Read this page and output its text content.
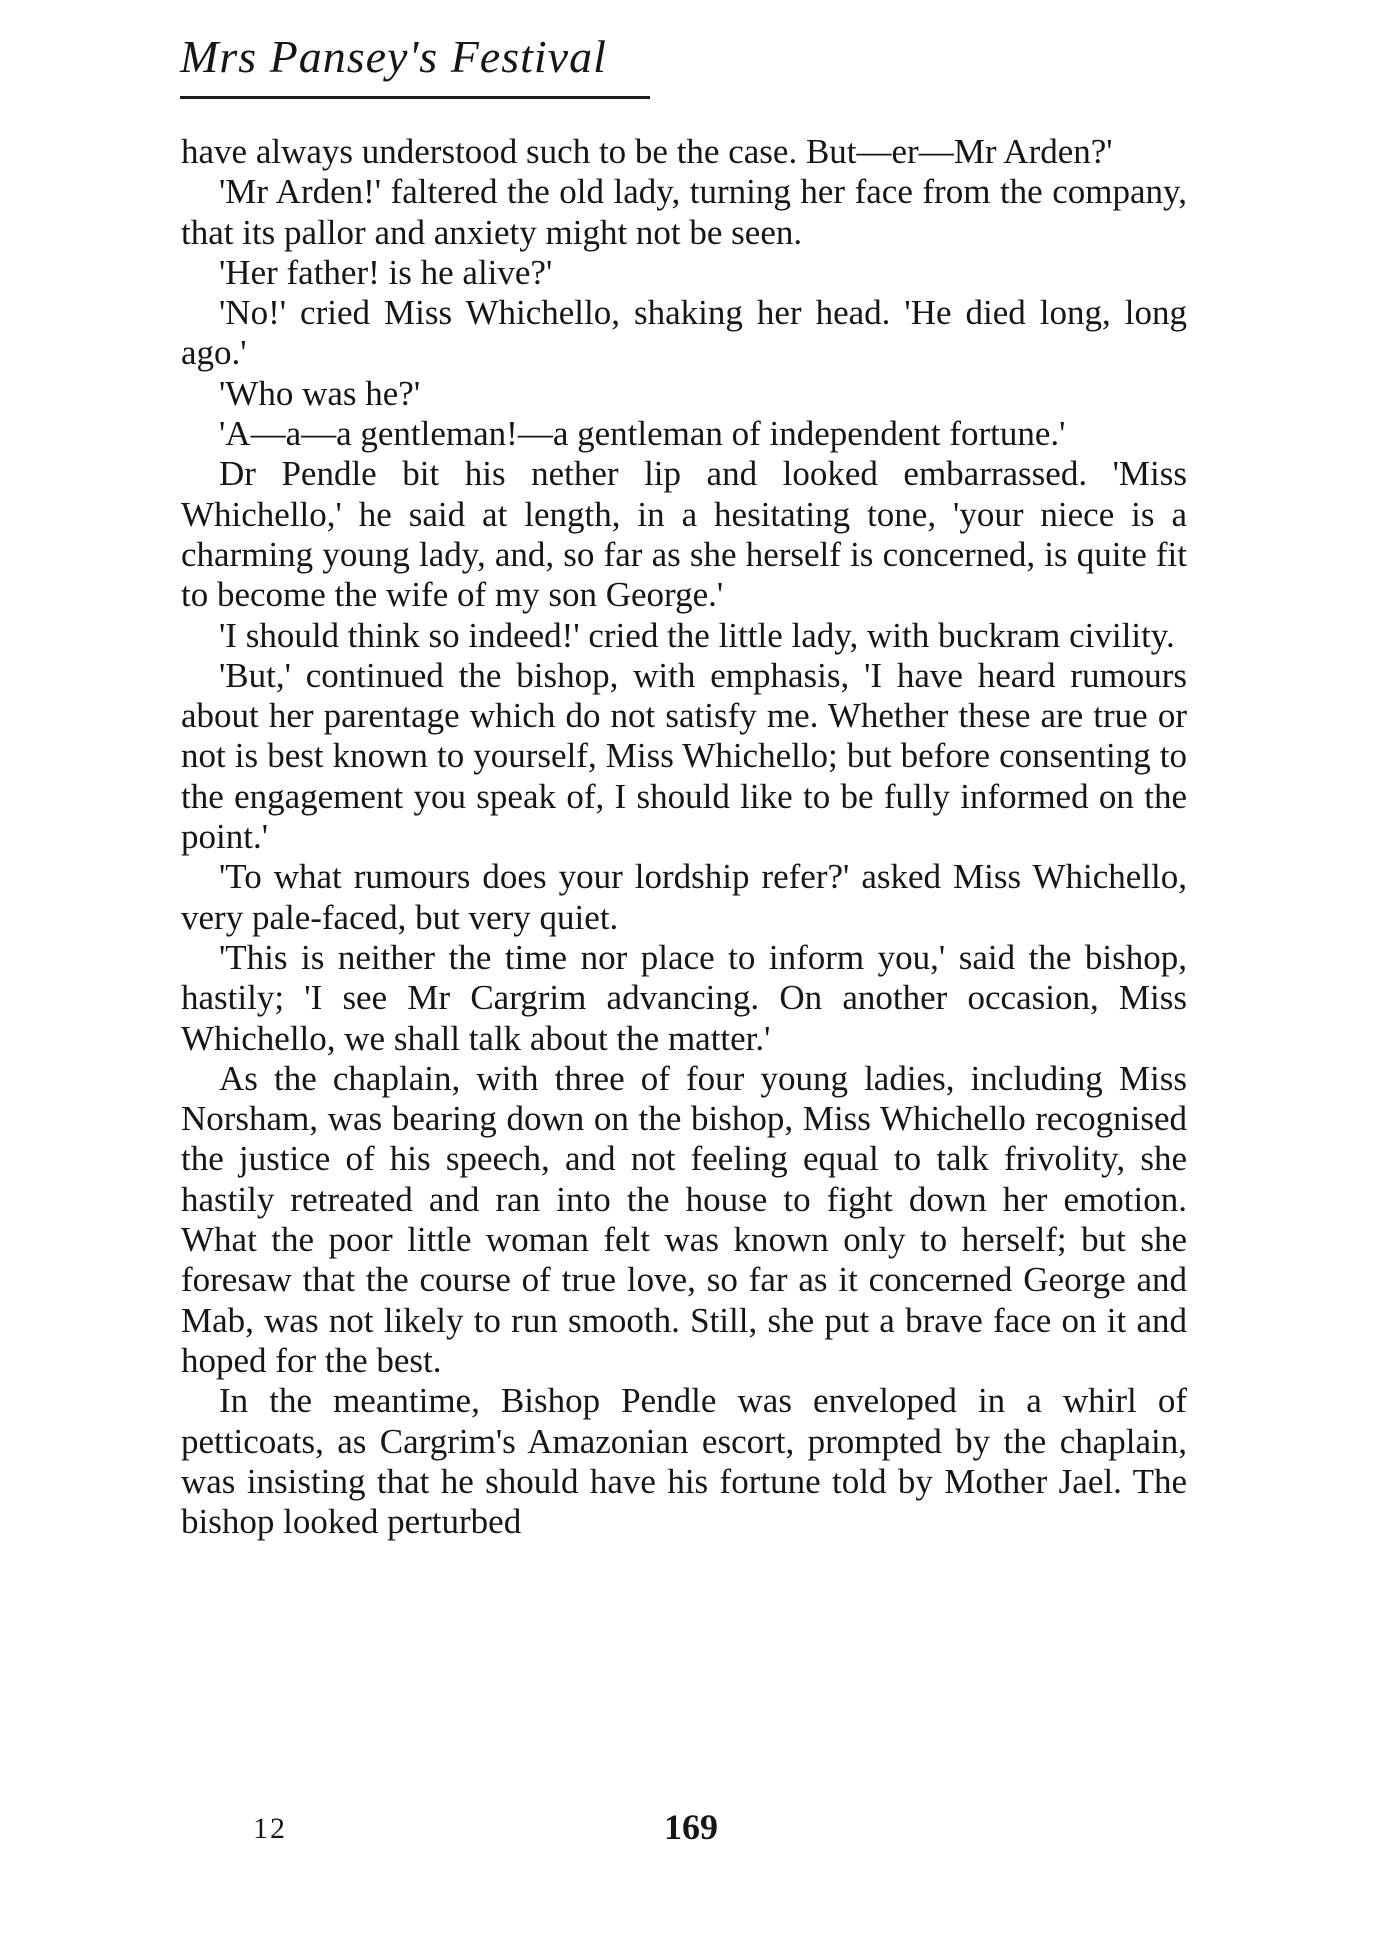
Mrs Pansey's Festival

have always understood such to be the case. But—er—Mr Arden?'

'Mr Arden!' faltered the old lady, turning her face from the company, that its pallor and anxiety might not be seen.

'Her father! is he alive?'

'No!' cried Miss Whichello, shaking her head. 'He died long, long ago.'

'Who was he?'

'A—a—a gentleman!—a gentleman of independent fortune.'

Dr Pendle bit his nether lip and looked embarrassed. 'Miss Whichello,' he said at length, in a hesitating tone, 'your niece is a charming young lady, and, so far as she herself is concerned, is quite fit to become the wife of my son George.'

'I should think so indeed!' cried the little lady, with buckram civility.

'But,' continued the bishop, with emphasis, 'I have heard rumours about her parentage which do not satisfy me. Whether these are true or not is best known to yourself, Miss Whichello; but before consenting to the engagement you speak of, I should like to be fully informed on the point.'

'To what rumours does your lordship refer?' asked Miss Whichello, very pale-faced, but very quiet.

'This is neither the time nor place to inform you,' said the bishop, hastily; 'I see Mr Cargrim advancing. On another occasion, Miss Whichello, we shall talk about the matter.'

As the chaplain, with three of four young ladies, including Miss Norsham, was bearing down on the bishop, Miss Whichello recognised the justice of his speech, and not feeling equal to talk frivolity, she hastily retreated and ran into the house to fight down her emotion. What the poor little woman felt was known only to herself; but she foresaw that the course of true love, so far as it concerned George and Mab, was not likely to run smooth. Still, she put a brave face on it and hoped for the best.

In the meantime, Bishop Pendle was enveloped in a whirl of petticoats, as Cargrim's Amazonian escort, prompted by the chaplain, was insisting that he should have his fortune told by Mother Jael. The bishop looked perturbed

12	169
